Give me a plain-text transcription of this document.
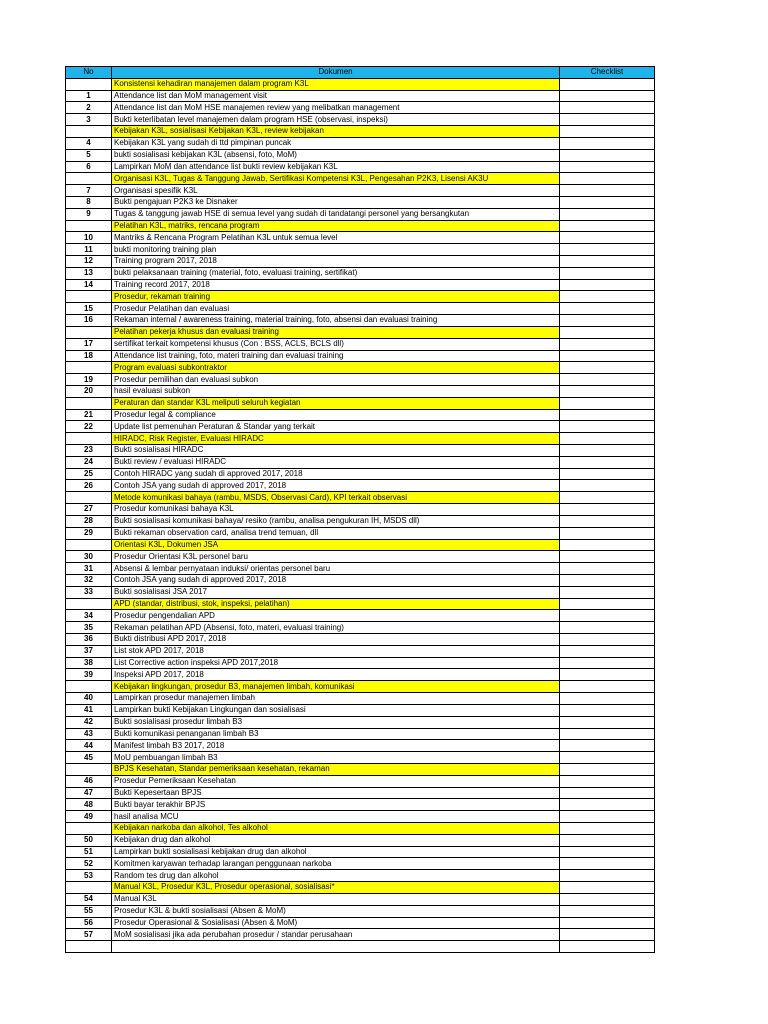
No	Dokumen	Checklist
	Konsistensi kehadiran manajemen dalam program K3L	
1	Attendance list dan MoM management visit	
2	Attendance list dan MoM HSE manajemen review yang melibatkan management	
3	Bukti keterlibatan level manajemen dalam program HSE (observasi, inspeksi)	
	Kebijakan K3L, sosialisasi Kebijakan K3L, review kebijakan	
4	Kebijakan K3L yang sudah di ttd pimpinan puncak	
5	bukti sosialisasi kebijakan K3L (absensi, foto, MoM)	
6	Lampirkan MoM dan attendance list bukti review kebijakan K3L	
	Organisasi K3L, Tugas & Tanggung Jawab, Sertifikasi Kompetensi K3L, Pengesahan P2K3, Lisensi AK3U	
7	Organisasi spesifik K3L	
8	Bukti pengajuan P2K3 ke Disnaker	
9	Tugas & tanggung jawab HSE di semua level yang sudah di tandatangi personel yang bersangkutan	
	Pelatihan K3L, matriks, rencana program	
10	Mantriks & Rencana Program Pelatihan K3L untuk semua level	
11	bukti monitoring training plan	
12	Training program 2017, 2018	
13	bukti pelaksanaan training (material, foto, evaluasi training, sertifikat)	
14	Training record 2017, 2018	
	Prosedur, rekaman training	
15	Prosedur Pelatihan dan evaluasi	
16	Rekaman internal / awareness training, material training, foto, absensi dan evaluasi training	
	Pelatihan pekerja khusus dan evaluasi training	
17	sertifikat terkait kompetensi khusus (Con : BSS, ACLS, BCLS dll)	
18	Attendance list training, foto, materi training dan evaluasi training	
	Program evaluasi subkontraktor	
19	Prosedur pemilihan dan evaluasi subkon	
20	hasil evaluasi subkon	
	Peraturan dan standar K3L meliputi seluruh kegiatan	
21	Prosedur legal & compliance	
22	Update list pemenuhan Peraturan & Standar yang terkait	
	HIRADC, Risk Register, Evaluasi HIRADC	
23	Bukti sosialisasi HIRADC	
24	Bukti review / evaluasi HIRADC	
25	Contoh HIRADC yang sudah di approved 2017, 2018	
26	Contoh JSA yang sudah di approved 2017, 2018	
	Metode komunikasi bahaya (rambu, MSDS, Observasi Card), KPI terkait observasi	
27	Prosedur komunikasi bahaya K3L	
28	Bukti sosialisasi komunikasi bahaya/ resiko (rambu, analisa pengukuran IH, MSDS dll)	
29	Bukti rekaman observation card, analisa trend temuan, dll	
	Orientasi K3L, Dokumen JSA	
30	Prosedur Orientasi K3L personel baru	
31	Absensi & lembar pernyataan induksi/ orientas personel baru	
32	Contoh JSA yang sudah di approved 2017, 2018	
33	Bukti sosialisasi JSA 2017	
	APD (standar, distribusi, stok, inspeksi, pelatihan)	
34	Prosedur pengendalian APD	
35	Rekaman pelatihan APD (Absensi, foto, materi, evaluasi training)	
36	Bukti distribusi APD 2017, 2018	
37	List stok APD 2017, 2018	
38	List Corrective action inspeksi APD 2017,2018	
39	Inspeksi APD 2017, 2018	
	Kebijakan lingkungan, prosedur B3, manajemen limbah, komunikasi	
40	Lampirkan prosedur manajemen limbah	
41	Lampirkan bukti Kebijakan Lingkungan dan sosialisasi	
42	Bukti sosialisasi prosedur limbah B3	
43	Bukti komunikasi penanganan limbah B3	
44	Manifest limbah B3 2017, 2018	
45	MoU pembuangan limbah B3	
	BPJS Kesehatan, Standar pemeriksaan kesehatan, rekaman	
46	Prosedur Pemeriksaan Kesehatan	
47	Bukti Kepesertaan BPJS	
48	Bukti bayar terakhir BPJS	
49	hasil analisa MCU	
	Kebijakan narkoba dan alkohol, Tes alkohol	
50	Kebijakan drug dan alkohol	
51	Lampirkan bukti sosialisasi kebijakan drug dan alkohol	
52	Komitmen karyawan terhadap larangan penggunaan narkoba	
53	Random tes drug dan alkohol	
	Manual K3L, Prosedur K3L, Prosedur operasional, sosialisasi*	
54	Manual K3L	
55	Prosedur K3L & bukti sosialisasi (Absen & MoM)	
56	Prosedur Operasional & Sosialisasi (Absen & MoM)	
57	MoM sosialisasi jika ada perubahan prosedur / standar perusahaan	
